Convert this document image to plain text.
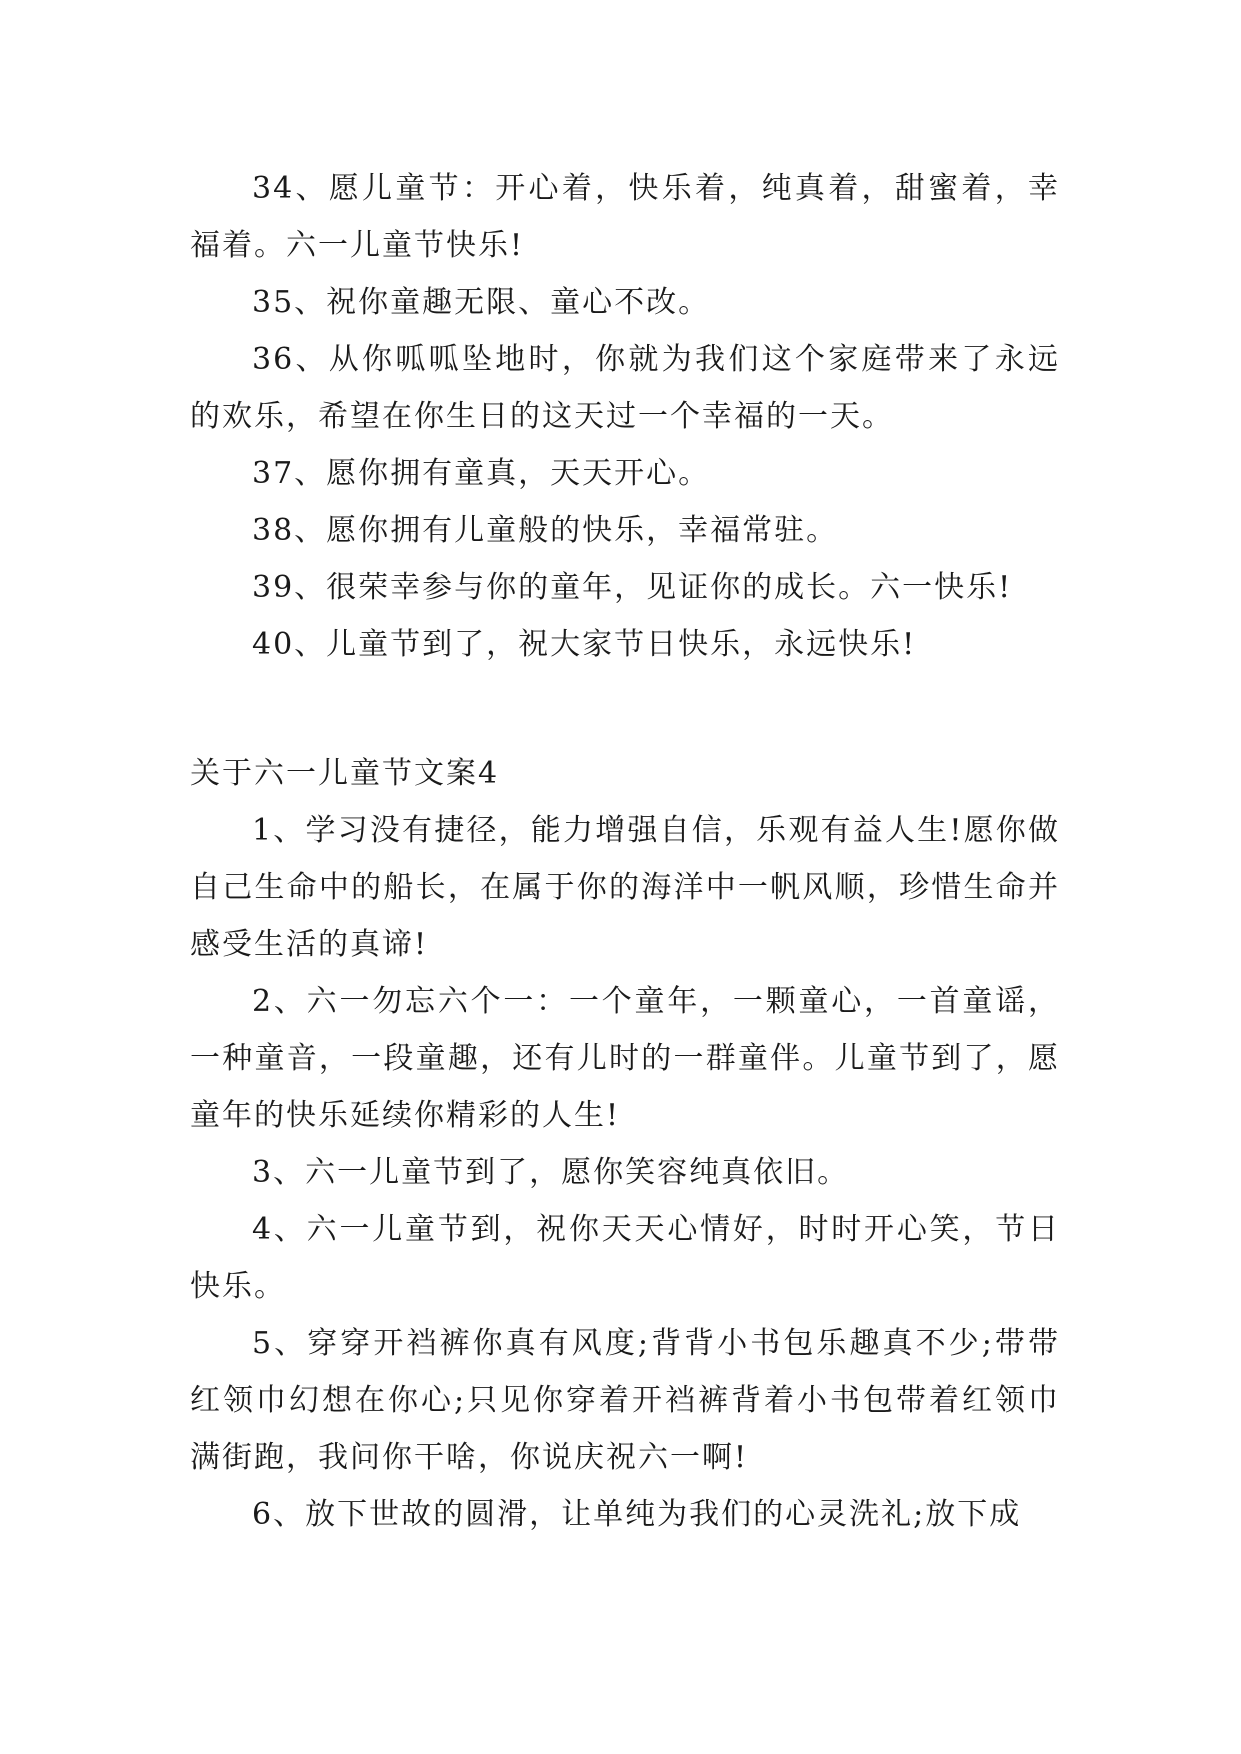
34、愿儿童节：开心着，快乐着，纯真着，甜蜜着，幸福着。六一儿童节快乐!

35、祝你童趣无限、童心不改。

36、从你呱呱坠地时，你就为我们这个家庭带来了永远的欢乐，希望在你生日的这天过一个幸福的一天。

37、愿你拥有童真，天天开心。

38、愿你拥有儿童般的快乐，幸福常驻。

39、很荣幸参与你的童年，见证你的成长。六一快乐!

40、儿童节到了，祝大家节日快乐，永远快乐!

关于六一儿童节文案4

1、学习没有捷径，能力增强自信，乐观有益人生!愿你做自己生命中的船长，在属于你的海洋中一帆风顺，珍惜生命并感受生活的真谛!

2、六一勿忘六个一：一个童年，一颗童心，一首童谣，一种童音，一段童趣，还有儿时的一群童伴。儿童节到了，愿童年的快乐延续你精彩的人生!

3、六一儿童节到了，愿你笑容纯真依旧。

4、六一儿童节到，祝你天天心情好，时时开心笑，节日快乐。

5、穿穿开裆裤你真有风度;背背小书包乐趣真不少;带带红领巾幻想在你心;只见你穿着开裆裤背着小书包带着红领巾满街跑，我问你干啥，你说庆祝六一啊!

6、放下世故的圆滑，让单纯为我们的心灵洗礼;放下成
